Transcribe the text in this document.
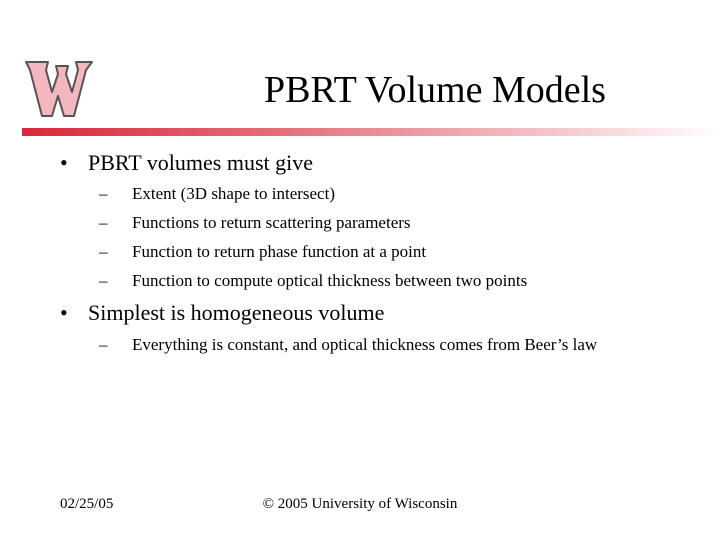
PBRT Volume Models
• PBRT volumes must give
– Extent (3D shape to intersect)
– Functions to return scattering parameters
– Function to return phase function at a point
– Function to compute optical thickness between two points
• Simplest is homogeneous volume
– Everything is constant, and optical thickness comes from Beer’s law
02/25/05	© 2005 University of Wisconsin
